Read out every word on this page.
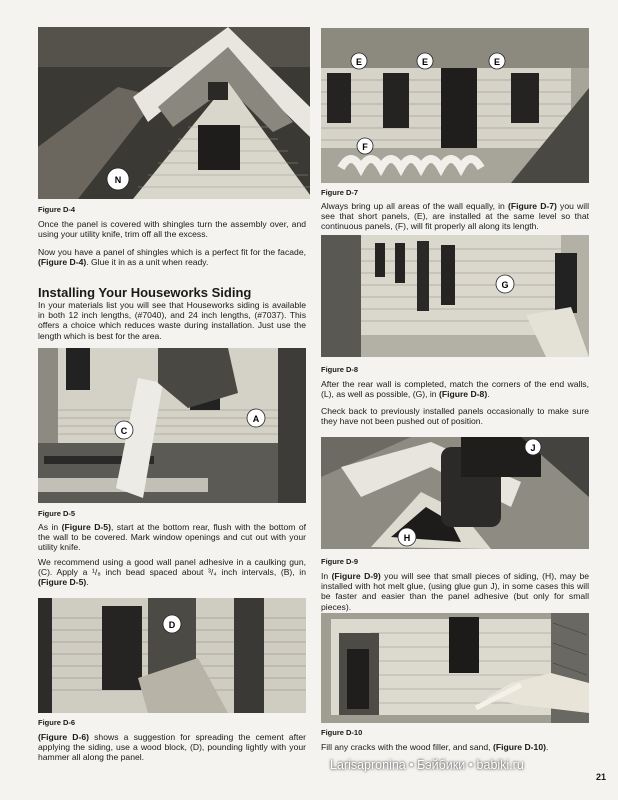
N
Figure D-4
Once the panel is covered with shingles turn the assembly over, and using your utility knife, trim off all the excess.
Now you have a panel of shingles which is a perfect fit for the facade, (Figure D-4). Glue it in as a unit when ready.
Installing Your Houseworks Siding
In your materials list you will see that Houseworks siding is available in both 12 inch lengths, (#7040), and 24 inch lengths, (#7037). This offers a choice which reduces waste during installation. Just use the length which is best for the area.
C
A
Figure D-5
As in (Figure D-5), start at the bottom rear, flush with the bottom of the wall to be covered. Mark window openings and cut out with your utility knife.
We recommend using a good wall panel adhesive in a caulking gun, (C). Apply a ¹/₈ inch bead spaced about ³/₄ inch intervals, (B), in (Figure D-5).
D
Figure D-6
(Figure D-6) shows a suggestion for spreading the cement after applying the siding, use a wood block, (D), pounding lightly with your hammer all along the panel.
E	E	E
F
Figure D-7
Always bring up all areas of the wall equally, in (Figure D-7) you will see that short panels, (E), are installed at the same level so that continuous panels, (F), will fit properly all along its length.
G
Figure D-8
After the rear wall is completed, match the corners of the end walls, (L), as well as possible, (G), in (Figure D-8).
Check back to previously installed panels occasionally to make sure they have not been pushed out of position.
J
H
Figure D-9
In (Figure D-9) you will see that small pieces of siding, (H), may be installed with hot melt glue, (using glue gun J), in some cases this will be faster and easier than the panel adhesive (but only for small pieces).
Figure D-10
Fill any cracks with the wood filler, and sand, (Figure D-10).
Larisapronina • Бэйбики • babiki.ru
21
